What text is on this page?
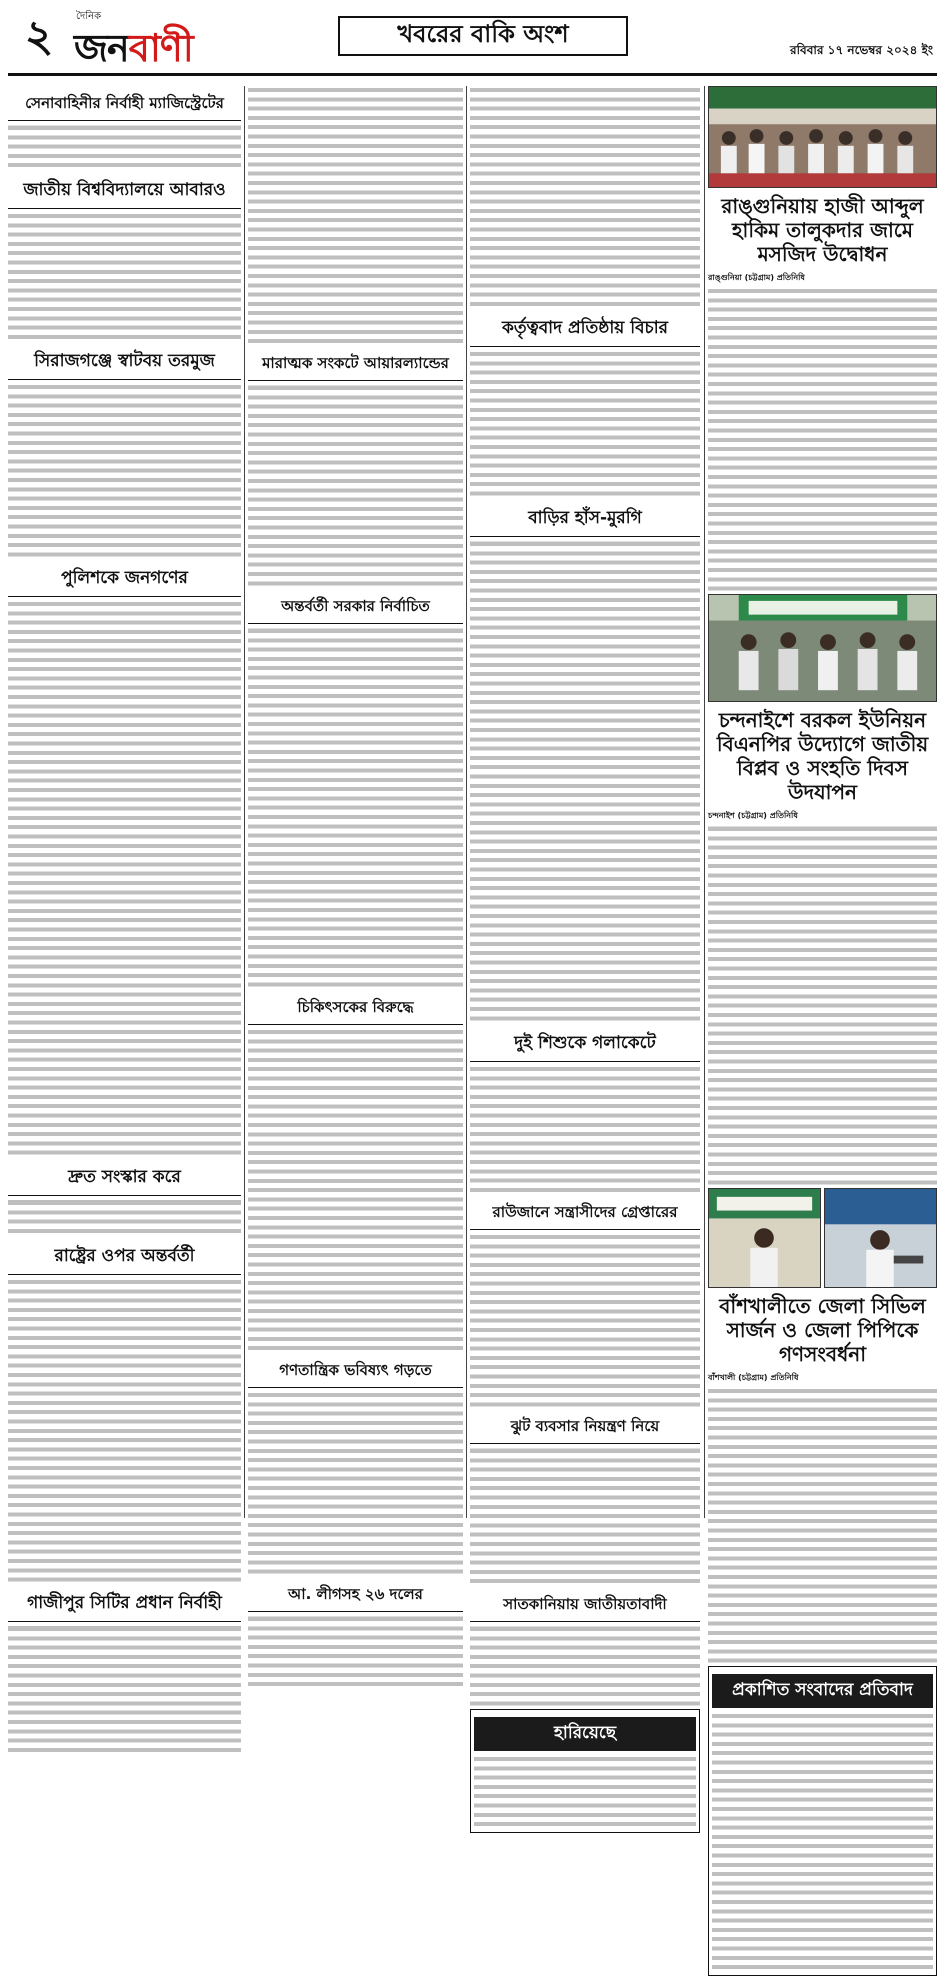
২	দৈনিক
জনবাণী	খবরের বাকি অংশ
রবিবার ১৭ নভেম্বর ২০২৪ ইং
সেনাবাহিনীর নির্বাহী ম্যাজিস্ট্রেটের
জাতীয় বিশ্ববিদ্যালয়ে আবারও
সিরাজগঞ্জে স্বাটবয় তরমুজ
পুলিশকে জনগণের
দ্রুত সংস্কার করে
রাষ্ট্রের ওপর অন্তর্বর্তী
গাজীপুর সিটির প্রধান নির্বাহী
মারাত্মক সংকটে আয়ারল্যান্ডের
অন্তর্বর্তী সরকার নির্বাচিত
চিকিৎসকের বিরুদ্ধে
গণতান্ত্রিক ভবিষ্যৎ গড়তে
আ. লীগসহ ২৬ দলের
কর্তৃত্ববাদ প্রতিষ্ঠায় বিচার
বাড়ির হাঁস-মুরগি
দুই শিশুকে গলাকেটে
রাউজানে সন্ত্রাসীদের গ্রেপ্তারের
ঝুট ব্যবসার নিয়ন্ত্রণ নিয়ে
সাতকানিয়ায় জাতীয়তাবাদী
হারিয়েছে
রাঙ্গুনিয়ায় হাজী আব্দুল হাকিম তালুকদার জামে মসজিদ উদ্বোধন
রাঙ্গুনিয়া (চট্টগ্রাম) প্রতিনিধি
চন্দনাইশে বরকল ইউনিয়ন বিএনপির উদ্যোগে জাতীয় বিপ্লব ও সংহতি দিবস উদযাপন
চন্দনাইশ (চট্টগ্রাম) প্রতিনিধি
বাঁশখালীতে জেলা সিভিল সার্জন ও জেলা পিপিকে গণসংবর্ধনা
বাঁশখালী (চট্টগ্রাম) প্রতিনিধি
প্রকাশিত সংবাদের প্রতিবাদ
